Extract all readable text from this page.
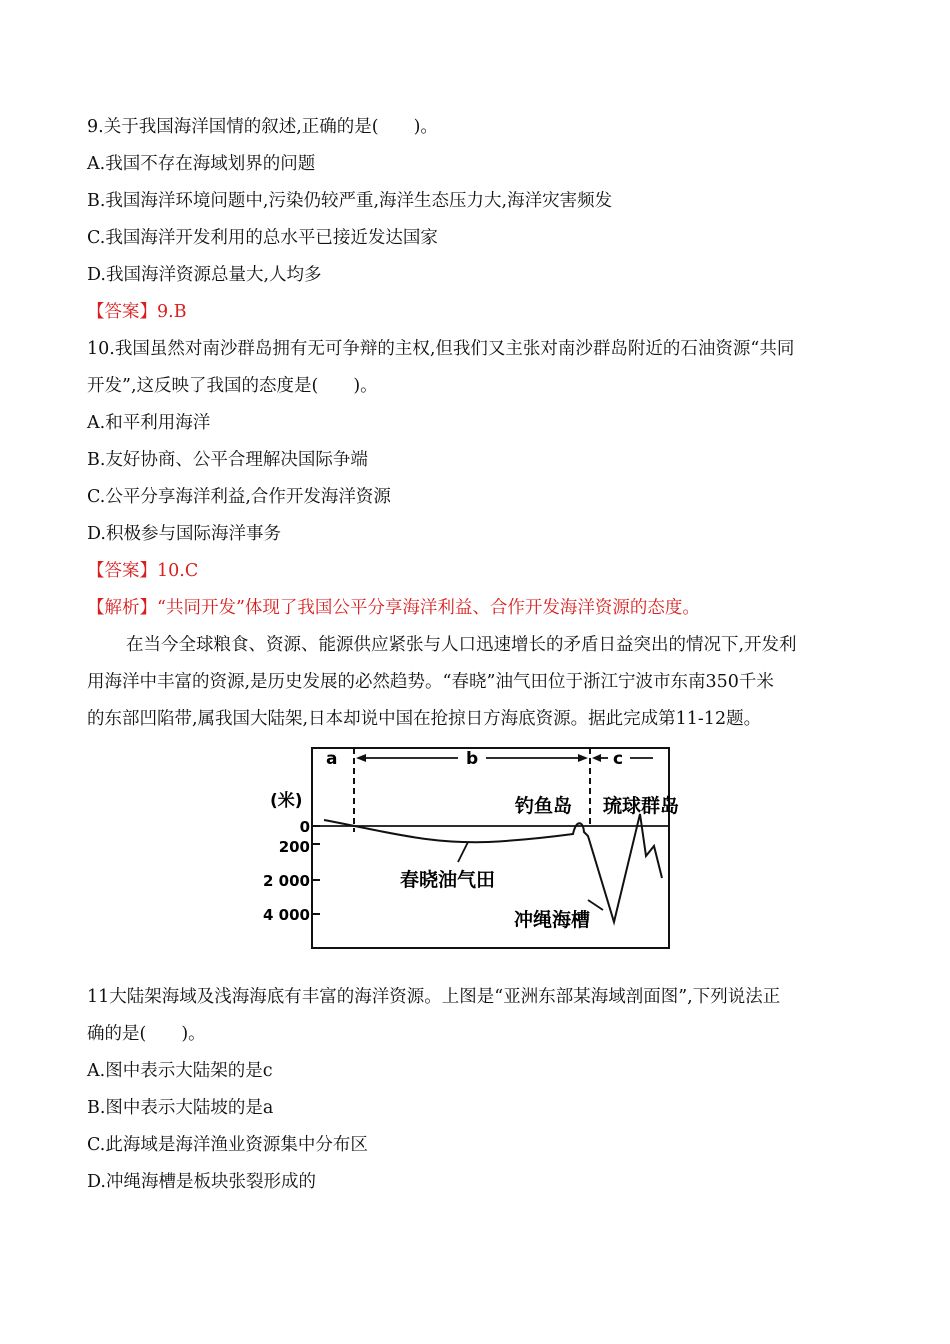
9.关于我国海洋国情的叙述,正确的是(　　)。
A.我国不存在海域划界的问题
B.我国海洋环境问题中,污染仍较严重,海洋生态压力大,海洋灾害频发
C.我国海洋开发利用的总水平已接近发达国家
D.我国海洋资源总量大,人均多
【答案】9.B
10.我国虽然对南沙群岛拥有无可争辩的主权,但我们又主张对南沙群岛附近的石油资源“共同
开发”,这反映了我国的态度是(　　)。
A.和平利用海洋
B.友好协商、公平合理解决国际争端
C.公平分享海洋利益,合作开发海洋资源
D.积极参与国际海洋事务
【答案】10.C
【解析】“共同开发”体现了我国公平分享海洋利益、合作开发海洋资源的态度。
在当今全球粮食、资源、能源供应紧张与人口迅速增长的矛盾日益突出的情况下,开发利
用海洋中丰富的资源,是历史发展的必然趋势。“春晓”油气田位于浙江宁波市东南350千米
的东部凹陷带,属我国大陆架,日本却说中国在抢掠日方海底资源。据此完成第11-12题。
a	b	c
(米)
0
200
2 000
4 000
钓鱼岛 琉球群岛
春晓油气田
冲绳海槽
11大陆架海域及浅海海底有丰富的海洋资源。上图是“亚洲东部某海域剖面图”,下列说法正
确的是(　　)。
A.图中表示大陆架的是c
B.图中表示大陆坡的是a
C.此海域是海洋渔业资源集中分布区
D.冲绳海槽是板块张裂形成的
